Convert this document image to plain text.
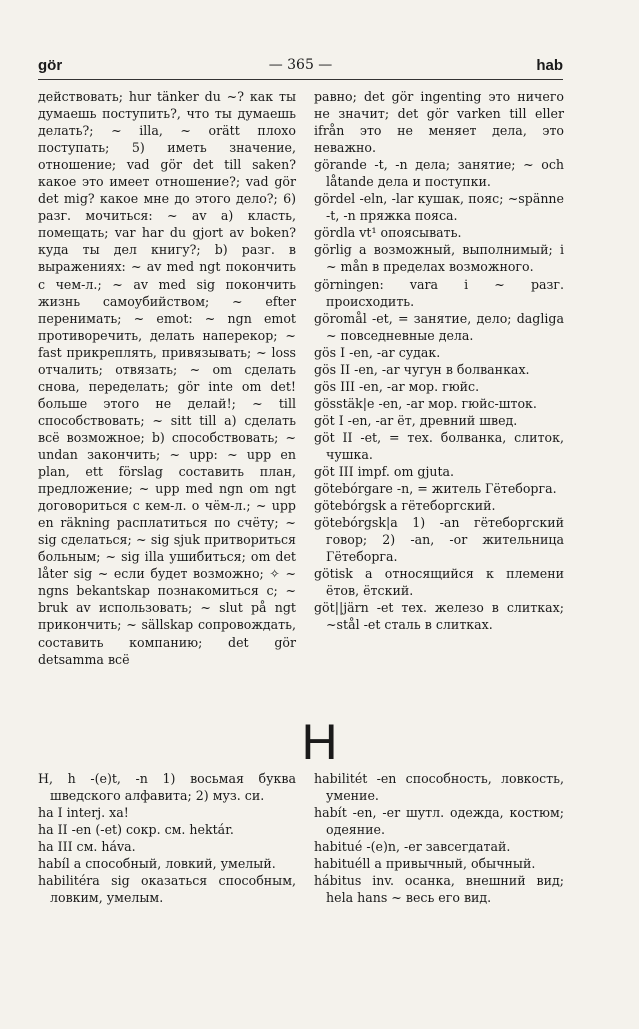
gör	— 365 —	hab

действовать; hur tänker du ~? как ты думаешь поступить?, что ты думаешь делать?; ~ illa, ~ orätt плохо поступать; 5) иметь значение, отношение; vad gör det till saken? какое это имеет отношение?; vad gör det mig? какое мне до этого дело?; 6) разг. мочиться: ~ av a) класть, помещать; var har du gjort av boken? куда ты дел книгу?; b) разг. в выражениях: ~ av med ngt покончить с чем-л.; ~ av med sig покончить жизнь самоубийством; ~ efter перенимать; ~ emot: ~ ngn emot противоречить, делать наперекор; ~ fast прикреплять, привязывать; ~ loss отчалить; отвязать; ~ om сделать снова, переделать; gör inte om det! больше этого не делай!; ~ till способствовать; ~ sitt till a) сделать всё возможное; b) способствовать; ~ undan закончить; ~ upp: ~ upp en plan, ett förslag составить план, предложение; ~ upp med ngn om ngt договориться с кем-л. о чём-л.; ~ upp en räkning расплатиться по счёту; ~ sig сделаться; ~ sig sjuk притвориться больным; ~ sig illa ушибиться; om det låter sig ~ если будет возможно; ✧ ~ ngns bekantskap познакомиться с; ~ bruk av использовать; ~ slut på ngt прикончить; ~ sällskap сопровождать, составить компанию; det gör detsamma всё

равно; det gör ingenting это ничего не значит; det gör varken till eller ifrån это не меняет дела, это неважно.

görande -t, -n дела; занятие; ~ och låtande дела и поступки.

gördel -eln, -lar кушак, пояс; ~spänne -t, -n пряжка пояса.

gördla vt¹ опоясывать.

görlig a возможный, выполнимый; i ~ mån в пределах возможного.

görningen: vara i ~ разг. происходить.

göromål -et, = занятие, дело; dagliga ~ повседневные дела.

gös I -en, -ar судак.

gös II -en, -ar чугун в болванках.

gös III -en, -ar мор. гюйс.

gösstäk|e -en, -ar мор. гюйс-шток.

göt I -en, -ar ёт, древний швед.

göt II -et, = тех. болванка, слиток, чушка.

göt III impf. om gjuta.

götebórgare -n, = житель Гётеборга.

götebórgsk a гётеборгский.

götebórgsk|a 1) -an гётеборгский говор; 2) -an, -or жительница Гётеборга.

götisk a относящийся к племени ётов, ётский.

göt||järn -et тех. железо в слитках; ~stål -et сталь в слитках.

H

H, h -(e)t, -n 1) восьмая буква шведского алфавита; 2) муз. си.

ha I interj. ха!

ha II -en (-et) сокр. см. hektár.

ha III см. háva.

habíl a способный, ловкий, умелый.

habilitéra sig оказаться способным, ловким, умелым.

habilitét -en способность, ловкость, умение.

habít -en, -er шутл. одежда, костюм; одеяние.

habitué -(e)n, -er завсегдатай.

habituéll a привычный, обычный.

hábitus inv. осанка, внешний вид; hela hans ~ весь его вид.
